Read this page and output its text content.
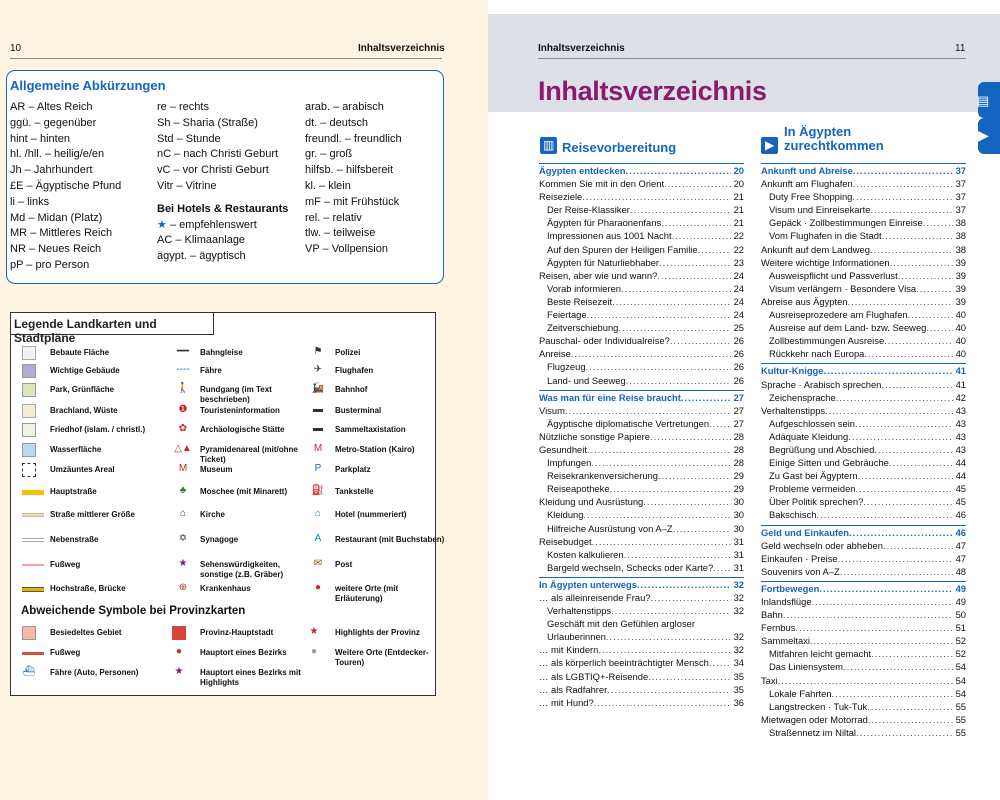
10	Inhaltsverzeichnis
Allgemeine Abkürzungen
AR – Altes Reich
ggü. – gegenüber
hint – hinten
hl. /hll. – heilig/e/en
Jh – Jahrhundert
£E – Ägyptische Pfund
li – links
Md – Midan (Platz)
MR – Mittleres Reich
NR – Neues Reich
pP – pro Person
re – rechts
Sh – Sharia (Straße)
Std – Stunde
nC – nach Christi Geburt
vC – vor Christi Geburt
Vitr – Vitrine
Bei Hotels & Restaurants
★ – empfehlenswert
AC – Klimaanlage
ägypt. – ägyptisch
arab. – arabisch
dt. – deutsch
freundl. – freundlich
gr. – groß
hilfsb. – hilfsbereit
kl. – klein
mF – mit Frühstück
rel. – relativ
tlw. – teilweise
VP – Vollpension
Legende Landkarten und Stadtpläne
Bebaute Fläche
Wichtige Gebäude
Park, Grünfläche
Brachland, Wüste
Friedhof (islam. / christl.)
Wasserfläche
Umzäuntes Areal
Hauptstraße
Straße mittlerer Größe
Nebenstraße
Fußweg
Hochstraße, Brücke
━━	Bahngleise
----	Fähre
🚶	Rundgang (im Text beschrieben)
❶	Touristeninformation
✿	Archäologische Stätte
△▲ Pyramidenareal (mit/ohne Ticket)
M	Museum
♣	Moschee (mit Minarett)
⌂	Kirche
✡	Synagoge
★	Sehenswürdigkeiten, sonstige (z.B. Gräber)
⊕	Krankenhaus
⚑	Polizei
✈	Flughafen
🚂	Bahnhof
▬	Busterminal
▬	Sammeltaxistation
M	Metro-Station (Kairo)
P	Parkplatz
⛽	Tankstelle
⌂	Hotel (nummeriert)
A	Restaurant (mit Buchstaben)
✉	Post
●	weitere Orte (mit Erläuterung)
Besiedeltes Gebiet
Fußweg
⛴ Fähre (Auto, Personen)
Provinz-Hauptstadt
●	Hauptort eines Bezirks
★	Hauptort eines Bezirks mit Highlights
★	Highlights der Provinz
●	Weitere Orte (Entdecker-Touren)
Abweichende Symbole bei Provinzkarten
▤
▶
Inhaltsverzeichnis	11
Inhaltsverzeichnis
▥ Reisevorbereitung	▶
In Ägypten zurechtkommen
Ägypten entdecken .....	20
Kommen Sie mit in den Orient .....	20
Reiseziele .....	21
Der Reise-Klassiker .....	21
Ägypten für Pharaonenfans .....	21
Impressionen aus 1001 Nacht .....	22
Auf den Spuren der Heiligen Familie .....	22
Ägypten für Naturliebhaber .....	23
Reisen, aber wie und wann? .....	24
Vorab informieren .....	24
Beste Reisezeit .....	24
Feiertage .....	24
Zeitverschiebung .....	25
Pauschal- oder Individualreise? .....	26
Anreise .....	26
Flugzeug .....	26
Land- und Seeweg .....	26
Was man für eine Reise braucht .....	27
Visum .....	27
Ägyptische diplomatische Vertretungen .....	27
Nützliche sonstige Papiere .....	28
Gesundheit .....	28
Impfungen .....	28
Reisekrankenversicherung .....	29
Reiseapotheke .....	29
Kleidung und Ausrüstung .....	30
Kleidung .....	30
Hilfreiche Ausrüstung von A–Z .....	30
Reisebudget .....	31
Kosten kalkulieren .....	31
Bargeld wechseln, Schecks oder Karte? .....	31
In Ägypten unterwegs .....	32
… als alleinreisende Frau? .....	32
Verhaltenstipps .....	32
Geschäft mit den Gefühlen argloser
Urlauberinnen .....	32
… mit Kindern .....	32
… als körperlich beeinträchtigter Mensch .....	34
… als LGBTIQ+-Reisende .....	35
… als Radfahrer .....	35
… mit Hund? .....	36
Ankunft und Abreise .....	37
Ankunft am Flughafen .....	37
Duty Free Shopping .....	37
Visum und Einreisekarte .....	37
Gepäck · Zollbestimmungen Einreise .....	38
Vom Flughafen in die Stadt .....	38
Ankunft auf dem Landweg .....	38
Weitere wichtige Informationen .....	39
Ausweispflicht und Passverlust .....	39
Visum verlängern · Besondere Visa .....	39
Abreise aus Ägypten .....	39
Ausreiseprozedere am Flughafen .....	40
Ausreise auf dem Land- bzw. Seeweg .....	40
Zollbestimmungen Ausreise .....	40
Rückkehr nach Europa .....	40
Kultur-Knigge .....	41
Sprache · Arabisch sprechen .....	41
Zeichensprache .....	42
Verhaltenstipps .....	43
Aufgeschlossen sein .....	43
Adäquate Kleidung .....	43
Begrüßung und Abschied .....	43
Einige Sitten und Gebräuche .....	44
Zu Gast bei Ägyptern .....	44
Probleme vermeiden .....	45
Über Politik sprechen? .....	45
Bakschisch .....	46
Geld und Einkaufen .....	46
Geld wechseln oder abheben .....	47
Einkaufen · Preise .....	47
Souvenirs von A–Z .....	48
Fortbewegen .....	49
Inlandsflüge .....	49
Bahn .....	50
Fernbus .....	51
Sammeltaxi .....	52
Mitfahren leicht gemacht .....	52
Das Liniensystem .....	54
Taxi .....	54
Lokale Fahrten .....	54
Langstrecken · Tuk-Tuk .....	55
Mietwagen oder Motorrad .....	55
Straßennetz im Niltal .....	55
